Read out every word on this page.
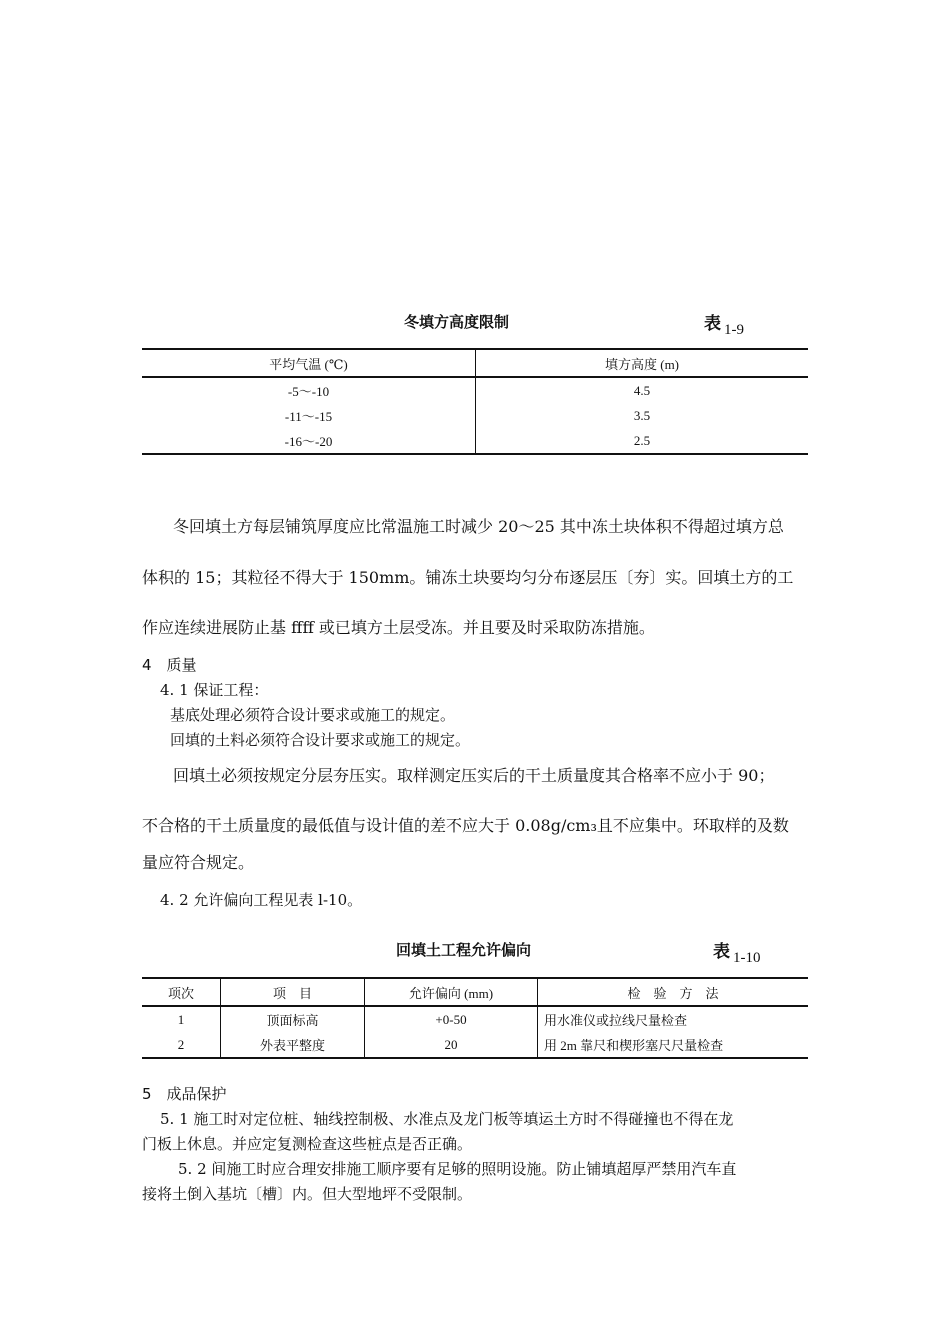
冬填方高度限制	表 1-9
平均气温 (℃)	填方高度 (m)
-5～-10	4.5
-11～-15	3.5
-16～-20	2.5
冬回填土方每层铺筑厚度应比常温施工时减少 20～25 其中冻土块体积不得超过填方总
体积的 15；其粒径不得大于 150mm。铺冻土块要均匀分布逐层压〔夯〕实。回填土方的工
作应连续进展防止基 ffff 或已填方土层受冻。并且要及时采取防冻措施。
4　质量
4. 1 保证工程：
基底处理必须符合设计要求或施工的规定。
回填的土料必须符合设计要求或施工的规定。
回填土必须按规定分层夯压实。取样测定压实后的干土质量度其合格率不应小于 90；
不合格的干土质量度的最低值与设计值的差不应大于 0.08g/cm₃且不应集中。环取样的及数
量应符合规定。
4. 2 允许偏向工程见表 l-10。
回填土工程允许偏向	表 1-10
项次	项　目	允许偏向 (mm)	检　验　方　法
1	顶面标高	+0-50	用水准仪或拉线尺量检查
2	外表平整度	20	用 2m 靠尺和楔形塞尺尺量检查
5　成品保护
5. 1 施工时对定位桩、轴线控制极、水准点及龙门板等填运土方时不得碰撞也不得在龙
门板上休息。并应定复测检查这些桩点是否正确。
5. 2 间施工时应合理安排施工顺序要有足够的照明设施。防止铺填超厚严禁用汽车直
接将土倒入基坑〔槽〕内。但大型地坪不受限制。
